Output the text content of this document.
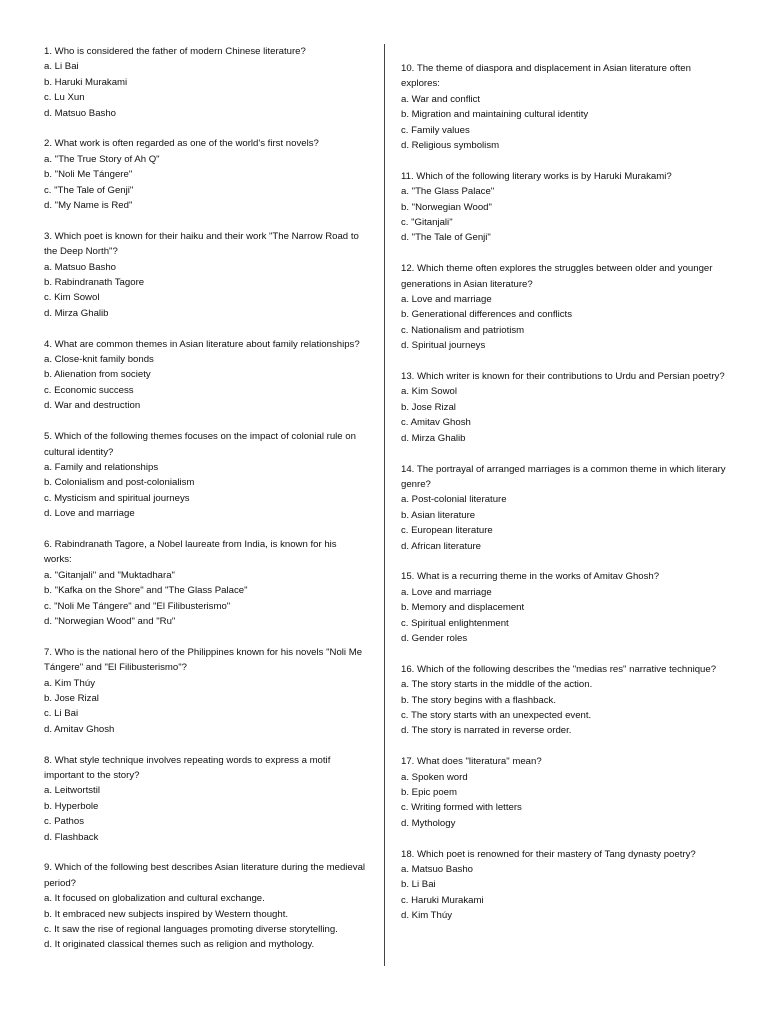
1. Who is considered the father of modern Chinese literature?
a. Li Bai
b. Haruki Murakami
c. Lu Xun
d. Matsuo Basho
2. What work is often regarded as one of the world's first novels?
a. "The True Story of Ah Q"
b. "Noli Me Tángere"
c. "The Tale of Genji"
d. "My Name is Red"
3. Which poet is known for their haiku and their work "The Narrow Road to the Deep North"?
a. Matsuo Basho
b. Rabindranath Tagore
c. Kim Sowol
d. Mirza Ghalib
4. What are common themes in Asian literature about family relationships?
a. Close-knit family bonds
b. Alienation from society
c. Economic success
d. War and destruction
5. Which of the following themes focuses on the impact of colonial rule on cultural identity?
a. Family and relationships
b. Colonialism and post-colonialism
c. Mysticism and spiritual journeys
d. Love and marriage
6. Rabindranath Tagore, a Nobel laureate from India, is known for his works:
a. "Gitanjali" and "Muktadhara"
b. "Kafka on the Shore" and "The Glass Palace"
c. "Noli Me Tángere" and "El Filibusterismo"
d. "Norwegian Wood" and "Ru"
7. Who is the national hero of the Philippines known for his novels "Noli Me Tángere" and "El Filibusterismo"?
a. Kim Thúy
b. Jose Rizal
c. Li Bai
d. Amitav Ghosh
8. What style technique involves repeating words to express a motif important to the story?
a. Leitwortstil
b. Hyperbole
c. Pathos
d. Flashback
9. Which of the following best describes Asian literature during the medieval period?
a. It focused on globalization and cultural exchange.
b. It embraced new subjects inspired by Western thought.
c. It saw the rise of regional languages promoting diverse storytelling.
d. It originated classical themes such as religion and mythology.
10. The theme of diaspora and displacement in Asian literature often explores:
a. War and conflict
b. Migration and maintaining cultural identity
c. Family values
d. Religious symbolism
11. Which of the following literary works is by Haruki Murakami?
a. "The Glass Palace"
b. "Norwegian Wood"
c. "Gitanjali"
d. "The Tale of Genji"
12. Which theme often explores the struggles between older and younger generations in Asian literature?
a. Love and marriage
b. Generational differences and conflicts
c. Nationalism and patriotism
d. Spiritual journeys
13. Which writer is known for their contributions to Urdu and Persian poetry?
a. Kim Sowol
b. Jose Rizal
c. Amitav Ghosh
d. Mirza Ghalib
14. The portrayal of arranged marriages is a common theme in which literary genre?
a. Post-colonial literature
b. Asian literature
c. European literature
d. African literature
15. What is a recurring theme in the works of Amitav Ghosh?
a. Love and marriage
b. Memory and displacement
c. Spiritual enlightenment
d. Gender roles
16. Which of the following describes the "medias res" narrative technique?
a. The story starts in the middle of the action.
b. The story begins with a flashback.
c. The story starts with an unexpected event.
d. The story is narrated in reverse order.
17. What does "literatura" mean?
a. Spoken word
b. Epic poem
c. Writing formed with letters
d. Mythology
18. Which poet is renowned for their mastery of Tang dynasty poetry?
a. Matsuo Basho
b. Li Bai
c. Haruki Murakami
d. Kim Thúy
